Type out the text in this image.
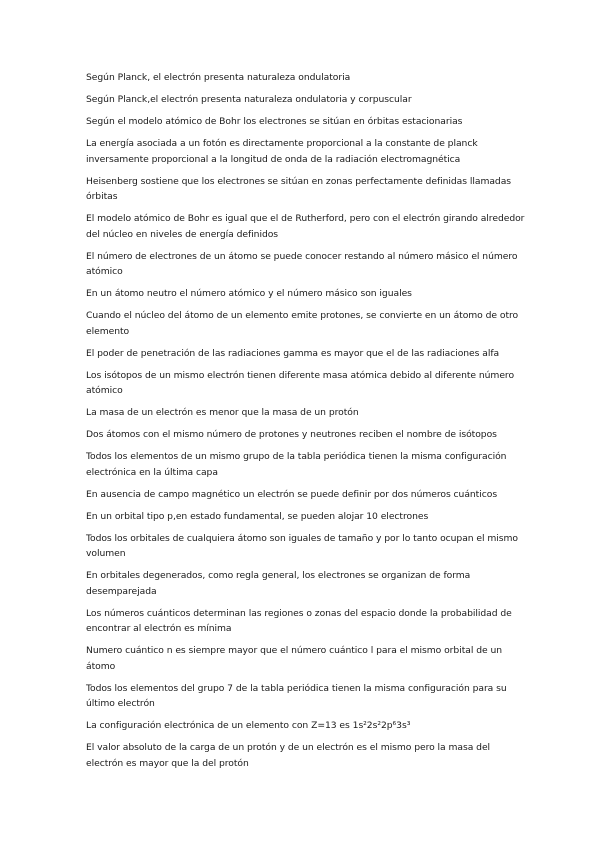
Según Planck, el electrón presenta naturaleza ondulatoria
Según Planck,el electrón presenta naturaleza ondulatoria y corpuscular
Según el modelo atómico de Bohr los electrones se sitúan en órbitas estacionarias
La energía asociada a un fotón es directamente proporcional a la constante de planck inversamente proporcional a la longitud de onda de la radiación electromagnética
Heisenberg sostiene que los electrones se sitúan en zonas perfectamente definidas llamadas órbitas
El modelo atómico de Bohr es igual que el de Rutherford, pero con el electrón girando alrededor del núcleo en niveles de energía definidos
El número de electrones de un átomo se puede conocer restando al número másico el número atómico
En un átomo neutro el número atómico y el número másico son iguales
Cuando el núcleo del átomo de un elemento emite protones, se convierte en un átomo de otro elemento
El poder de penetración de las radiaciones gamma es mayor que el de las radiaciones alfa
Los isótopos de un mismo electrón tienen diferente masa atómica debido al diferente número atómico
La masa de un electrón es menor que la masa de un protón
Dos átomos con el mismo número de protones y neutrones reciben el nombre de isótopos
Todos los elementos de un mismo grupo de la tabla periódica tienen la misma configuración electrónica en la última capa
En ausencia de campo magnético un electrón se puede definir por dos números cuánticos
En un orbital tipo p,en estado fundamental, se pueden alojar 10 electrones
Todos los orbitales de cualquiera átomo son iguales de tamaño y por lo tanto ocupan el mismo volumen
En orbitales degenerados, como regla general, los electrones se organizan de forma desemparejada
Los números cuánticos determinan las regiones o zonas del espacio donde la probabilidad de encontrar al electrón es mínima
Numero cuántico n es siempre mayor que el número cuántico l para el mismo orbital de un átomo
Todos los elementos del grupo 7 de la tabla periódica tienen la misma configuración para su último electrón
La configuración electrónica de un elemento con Z=13 es 1s²2s²2p⁶3s³
El valor absoluto de la carga de un protón y de un electrón es el mismo pero la masa del electrón es mayor que la del protón
